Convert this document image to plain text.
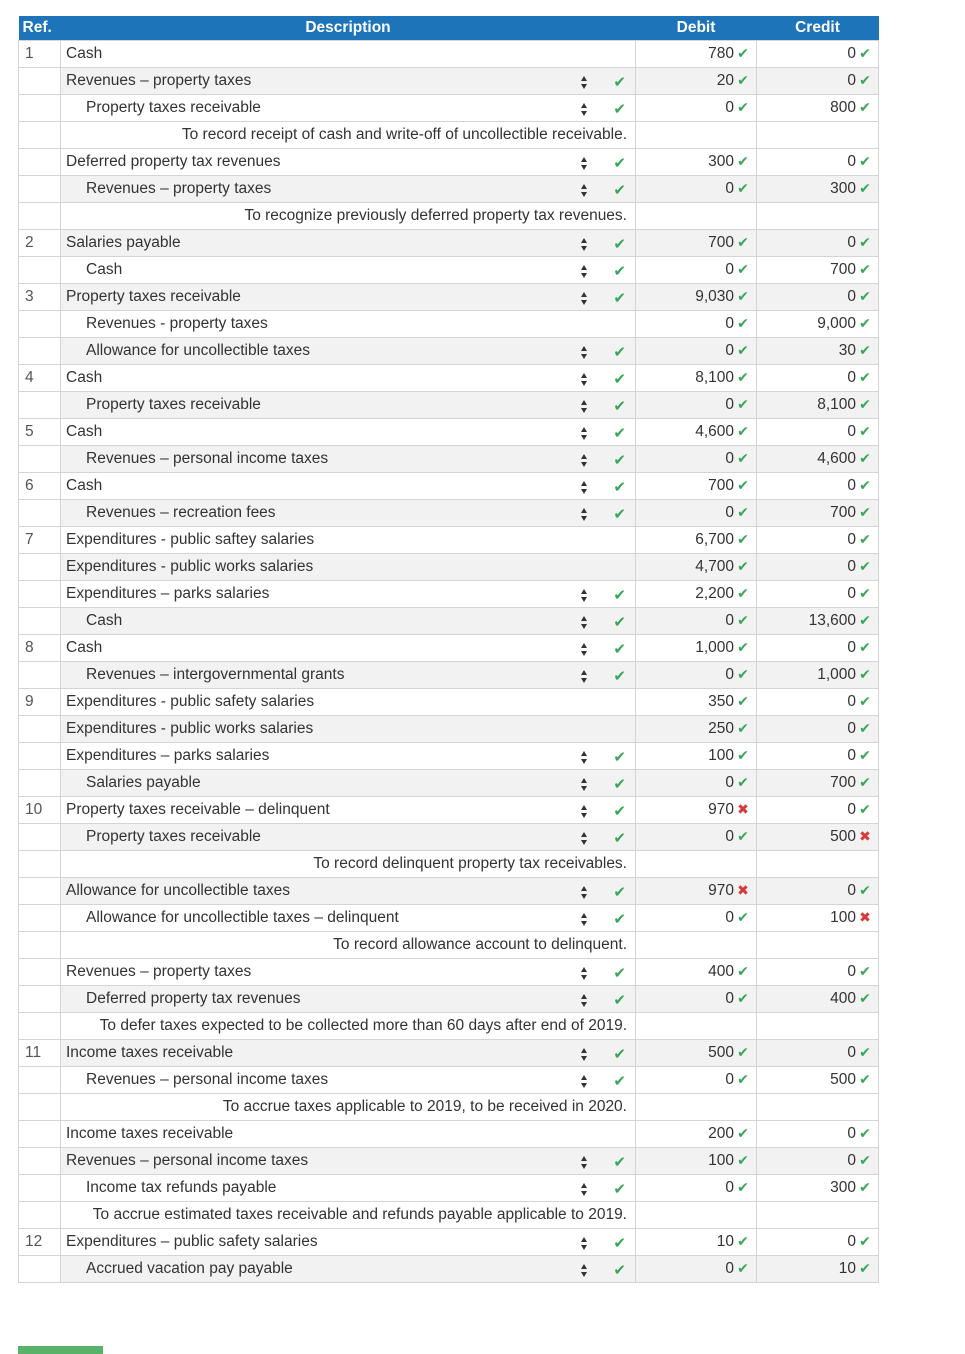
Ref.	Description	Debit	Credit
1	Cash	780 ✔	0 ✔
	Revenues – property taxes ✔	20 ✔	0 ✔
	Property taxes receivable ✔	0 ✔	800 ✔
	To record receipt of cash and write-off of uncollectible receivable.		
	Deferred property tax revenues ✔	300 ✔	0 ✔
	Revenues – property taxes ✔	0 ✔	300 ✔
	To recognize previously deferred property tax revenues.		
2	Salaries payable ✔	700 ✔	0 ✔
	Cash ✔	0 ✔	700 ✔
3	Property taxes receivable ✔	9,030 ✔	0 ✔
	Revenues - property taxes	0 ✔	9,000 ✔
	Allowance for uncollectible taxes ✔	0 ✔	30 ✔
4	Cash ✔	8,100 ✔	0 ✔
	Property taxes receivable ✔	0 ✔	8,100 ✔
5	Cash ✔	4,600 ✔	0 ✔
	Revenues – personal income taxes ✔	0 ✔	4,600 ✔
6	Cash ✔	700 ✔	0 ✔
	Revenues – recreation fees ✔	0 ✔	700 ✔
7	Expenditures - public saftey salaries	6,700 ✔	0 ✔
	Expenditures - public works salaries	4,700 ✔	0 ✔
	Expenditures – parks salaries ✔	2,200 ✔	0 ✔
	Cash ✔	0 ✔	13,600 ✔
8	Cash ✔	1,000 ✔	0 ✔
	Revenues – intergovernmental grants ✔	0 ✔	1,000 ✔
9	Expenditures - public safety salaries	350 ✔	0 ✔
	Expenditures - public works salaries	250 ✔	0 ✔
	Expenditures – parks salaries ✔	100 ✔	0 ✔
	Salaries payable ✔	0 ✔	700 ✔
10	Property taxes receivable – delinquent ✔	970 ✖	0 ✔
	Property taxes receivable ✔	0 ✔	500 ✖
	To record delinquent property tax receivables.		
	Allowance for uncollectible taxes ✔	970 ✖	0 ✔
	Allowance for uncollectible taxes – delinquent ✔	0 ✔	100 ✖
	To record allowance account to delinquent.		
	Revenues – property taxes ✔	400 ✔	0 ✔
	Deferred property tax revenues ✔	0 ✔	400 ✔
	To defer taxes expected to be collected more than 60 days after end of 2019.		
11	Income taxes receivable ✔	500 ✔	0 ✔
	Revenues – personal income taxes ✔	0 ✔	500 ✔
	To accrue taxes applicable to 2019, to be received in 2020.		
	Income taxes receivable	200 ✔	0 ✔
	Revenues – personal income taxes ✔	100 ✔	0 ✔
	Income tax refunds payable ✔	0 ✔	300 ✔
	To accrue estimated taxes receivable and refunds payable applicable to 2019.		
12	Expenditures – public safety salaries ✔	10 ✔	0 ✔
	Accrued vacation pay payable ✔	0 ✔	10 ✔
